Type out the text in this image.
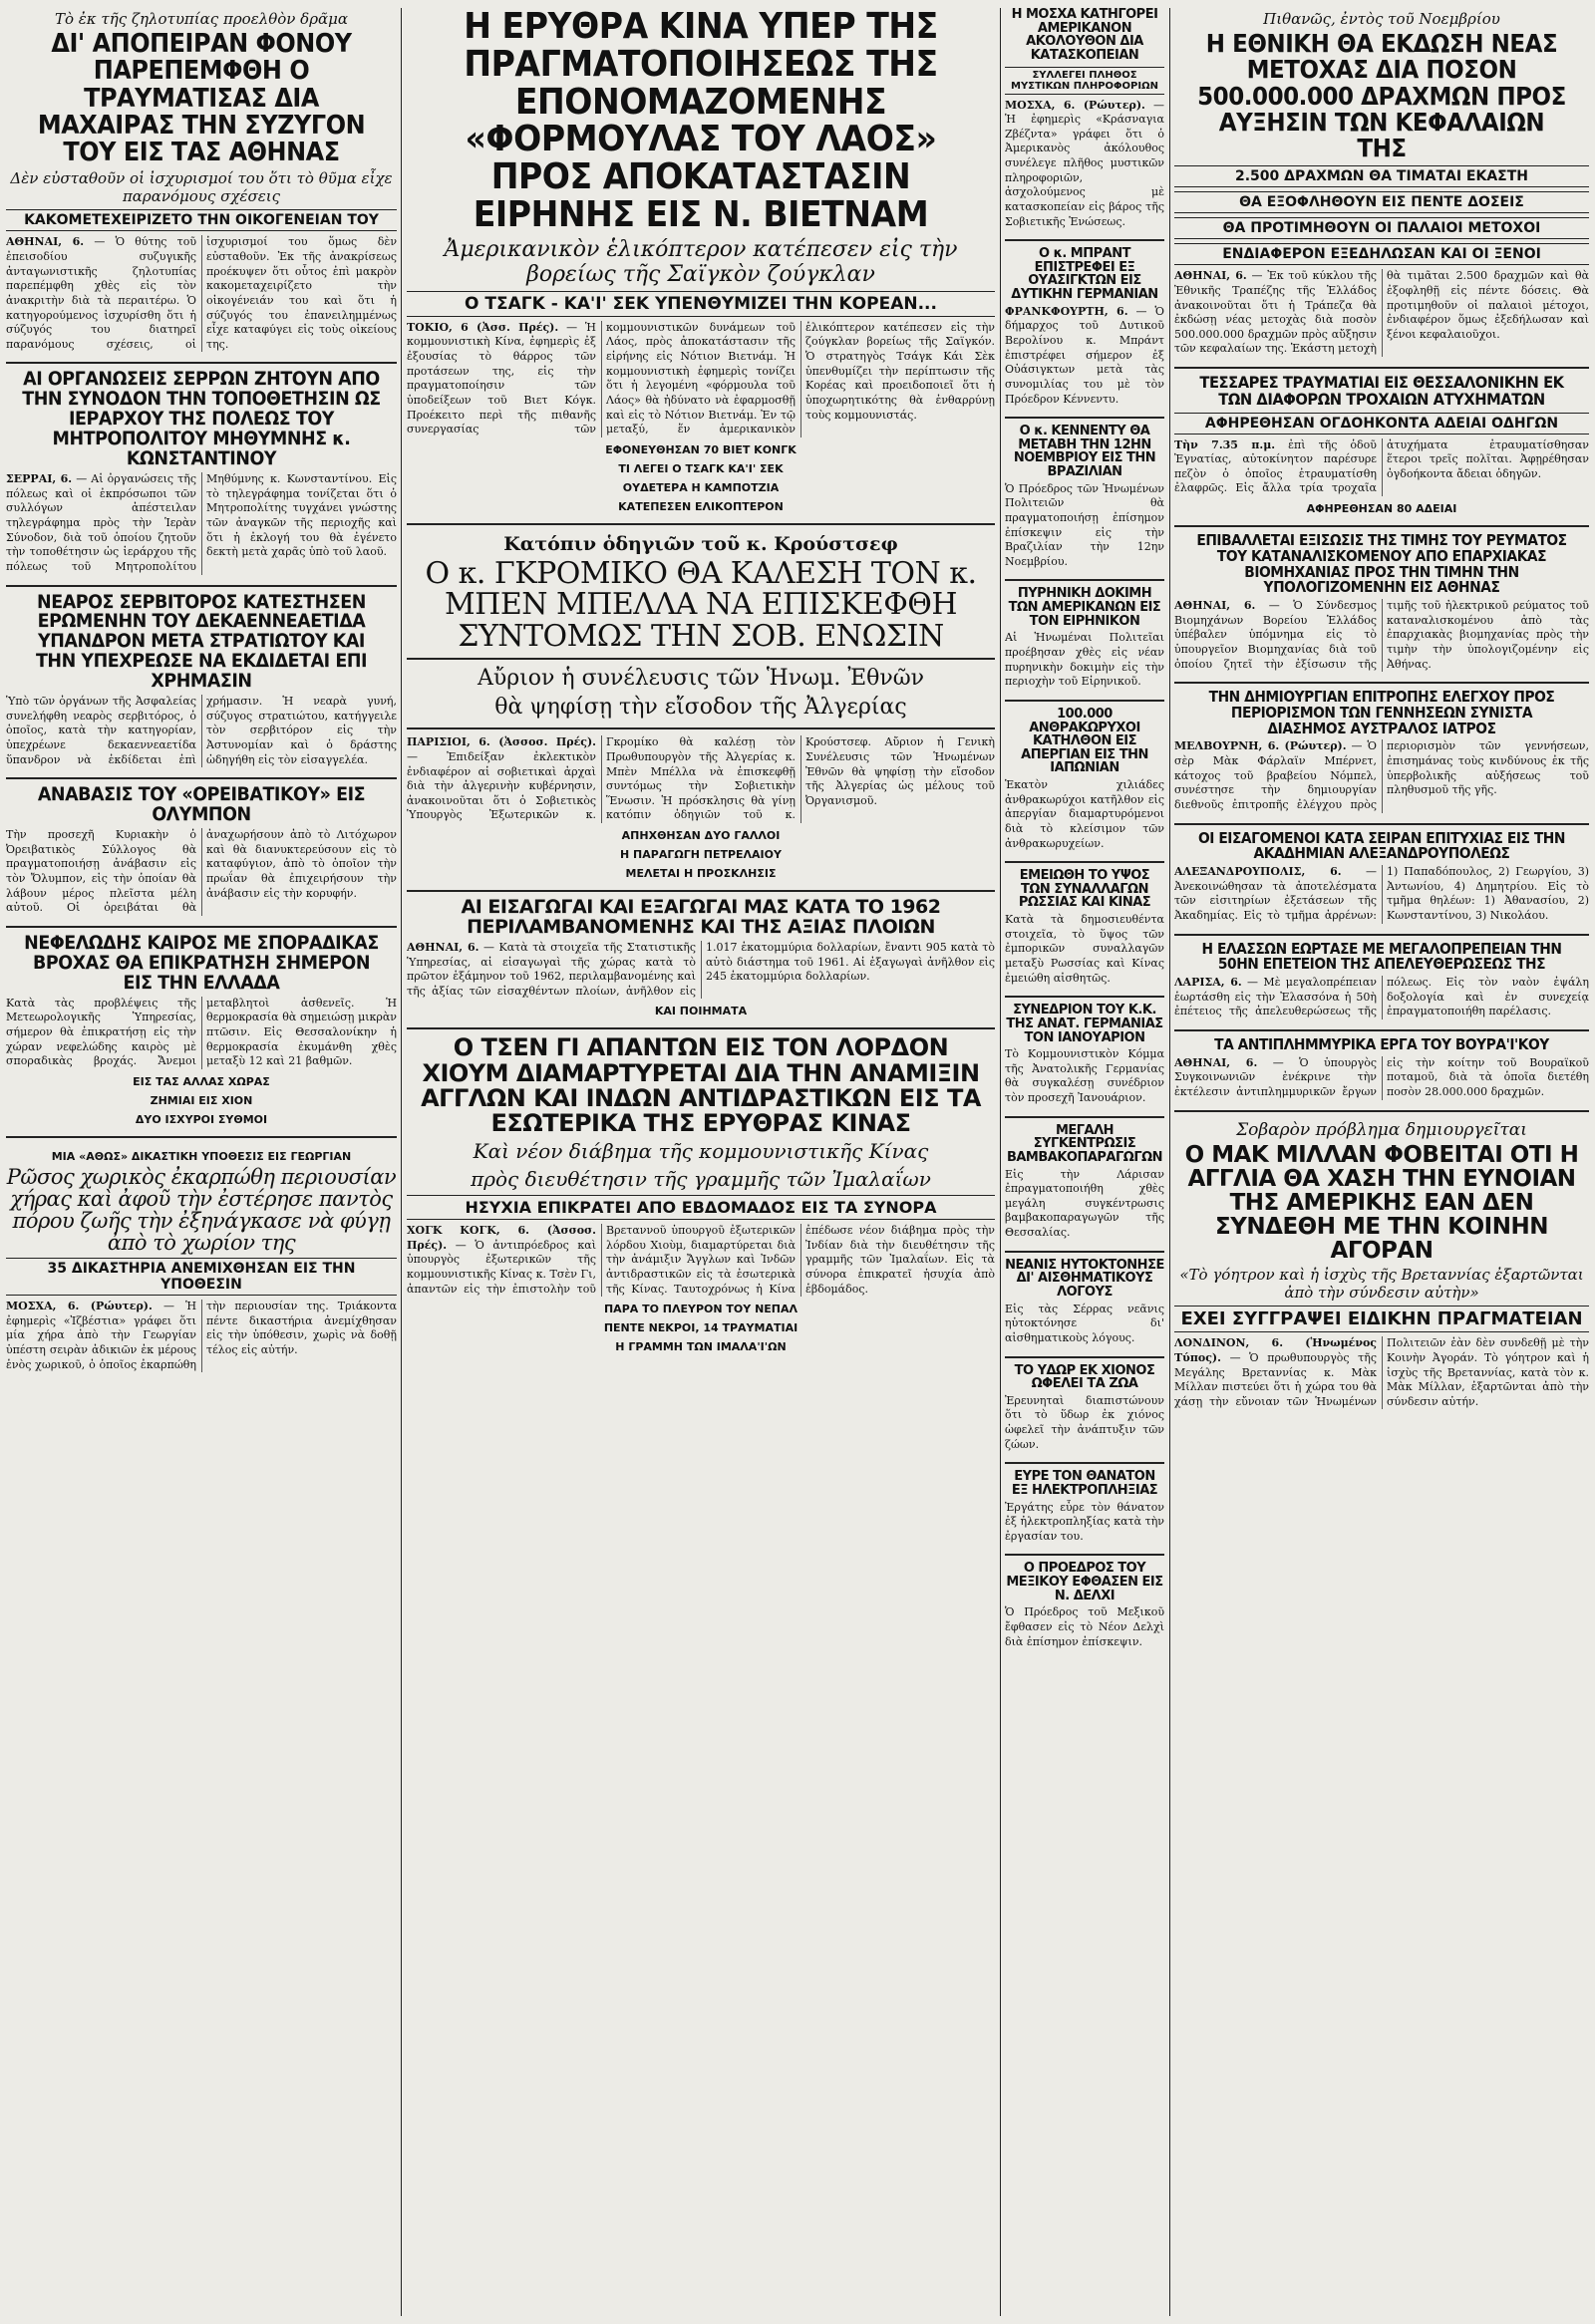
Τὸ ἐκ τῆς ζηλοτυπίας προελθὸν δρᾶμα
ΔΙ' ΑΠΟΠΕΙΡΑΝ ΦΟΝΟΥ ΠΑΡΕΠΕΜΦΘΗ Ο ΤΡΑΥΜΑΤΙΣΑΣ ΔΙΑ ΜΑΧΑΙΡΑΣ ΤΗΝ ΣΥΖΥΓΟΝ ΤΟΥ ΕΙΣ ΤΑΣ ΑΘΗΝΑΣ
Δὲν εὐσταθοῦν οἱ ἰσχυρισμοί του ὅτι τὸ θῦμα εἶχε παρανόμους σχέσεις
ΚΑΚΟΜΕΤΕΧΕΙΡΙΖΕΤΟ ΤΗΝ ΟΙΚΟΓΕΝΕΙΑΝ ΤΟΥ

ΑΘΗΝΑΙ, 6. — Ὁ θύτης τοῦ ἐπεισοδίου συζυγικῆς ἀνταγωνιστικῆς ζηλοτυπίας παρεπέμφθη χθὲς εἰς τὸν ἀνακριτὴν διὰ τὰ περαιτέρω. Ὁ κατηγορούμενος ἰσχυρίσθη ὅτι ἡ σύζυγός του διατηρεῖ παρανόμους σχέσεις, οἱ ἰσχυρισμοί του ὅμως δὲν εὐσταθοῦν. Ἐκ τῆς ἀνακρίσεως προέκυψεν ὅτι οὗτος ἐπὶ μακρὸν κακομεταχειρίζετο τὴν οἰκογένειάν του καὶ ὅτι ἡ σύζυγός του ἐπανειλημμένως εἶχε καταφύγει εἰς τοὺς οἰκείους της.

ΑΙ ΟΡΓΑΝΩΣΕΙΣ ΣΕΡΡΩΝ ΖΗΤΟΥΝ ΑΠΟ ΤΗΝ ΣΥΝΟΔΟΝ ΤΗΝ ΤΟΠΟΘΕΤΗΣΙΝ ΩΣ ΙΕΡΑΡΧΟΥ ΤΗΣ ΠΟΛΕΩΣ ΤΟΥ ΜΗΤΡΟΠΟΛΙΤΟΥ ΜΗΘΥΜΝΗΣ κ. ΚΩΝΣΤΑΝΤΙΝΟΥ

ΣΕΡΡΑΙ, 6. — Αἱ ὀργανώσεις τῆς πόλεως καὶ οἱ ἐκπρόσωποι τῶν συλλόγων ἀπέστειλαν τηλεγράφημα πρὸς τὴν Ἱερὰν Σύνοδον, διὰ τοῦ ὁποίου ζητοῦν τὴν τοποθέτησιν ὡς ἱεράρχου τῆς πόλεως τοῦ Μητροπολίτου Μηθύμνης κ. Κωνσταντίνου. Εἰς τὸ τηλεγράφημα τονίζεται ὅτι ὁ Μητροπολίτης τυγχάνει γνώστης τῶν ἀναγκῶν τῆς περιοχῆς καὶ ὅτι ἡ ἐκλογή του θὰ ἐγένετο δεκτὴ μετὰ χαρᾶς ὑπὸ τοῦ λαοῦ.

ΝΕΑΡΟΣ ΣΕΡΒΙΤΟΡΟΣ ΚΑΤΕΣΤΗΣΕΝ ΕΡΩΜΕΝΗΝ ΤΟΥ ΔΕΚΑΕΝΝΕΑΕΤΙΔΑ ΥΠΑΝΔΡΟΝ ΜΕΤΑ ΣΤΡΑΤΙΩΤΟΥ ΚΑΙ ΤΗΝ ΥΠΕΧΡΕΩΣΕ ΝΑ ΕΚΔΙΔΕΤΑΙ ΕΠΙ ΧΡΗΜΑΣΙΝ

Ὑπὸ τῶν ὀργάνων τῆς Ἀσφαλείας συνελήφθη νεαρὸς σερβιτόρος, ὁ ὁποῖος, κατὰ τὴν κατηγορίαν, ὑπεχρέωνε δεκαεννεαετίδα ὕπανδρον νὰ ἐκδίδεται ἐπὶ χρήμασιν. Ἡ νεαρὰ γυνή, σύζυγος στρατιώτου, κατήγγειλε τὸν σερβιτόρον εἰς τὴν Ἀστυνομίαν καὶ ὁ δράστης ὡδηγήθη εἰς τὸν εἰσαγγελέα.

ΑΝΑΒΑΣΙΣ ΤΟΥ «ΟΡΕΙΒΑΤΙΚΟΥ» ΕΙΣ ΟΛΥΜΠΟΝ

Τὴν προσεχῆ Κυριακὴν ὁ Ὀρειβατικὸς Σύλλογος θὰ πραγματοποιήσῃ ἀνάβασιν εἰς τὸν Ὄλυμπον, εἰς τὴν ὁποίαν θὰ λάβουν μέρος πλεῖστα μέλη αὐτοῦ. Οἱ ὀρειβάται θὰ ἀναχωρήσουν ἀπὸ τὸ Λιτόχωρον καὶ θὰ διανυκτερεύσουν εἰς τὸ καταφύγιον, ἀπὸ τὸ ὁποῖον τὴν πρωΐαν θὰ ἐπιχειρήσουν τὴν ἀνάβασιν εἰς τὴν κορυφήν.

ΝΕΦΕΛΩΔΗΣ ΚΑΙΡΟΣ ΜΕ ΣΠΟΡΑΔΙΚΑΣ ΒΡΟΧΑΣ ΘΑ ΕΠΙΚΡΑΤΗΣΗ ΣΗΜΕΡΟΝ ΕΙΣ ΤΗΝ ΕΛΛΑΔΑ

Κατὰ τὰς προβλέψεις τῆς Μετεωρολογικῆς Ὑπηρεσίας, σήμερον θὰ ἐπικρατήσῃ εἰς τὴν χώραν νεφελώδης καιρὸς μὲ σποραδικὰς βροχάς. Ἄνεμοι μεταβλητοὶ ἀσθενεῖς. Ἡ θερμοκρασία θὰ σημειώσῃ μικρὰν πτῶσιν. Εἰς Θεσσαλονίκην ἡ θερμοκρασία ἐκυμάνθη χθὲς μεταξὺ 12 καὶ 21 βαθμῶν.

ΕΙΣ ΤΑΣ ΑΛΛΑΣ ΧΩΡΑΣ
ΖΗΜΙΑΙ ΕΙΣ ΧΙΟΝ
ΔΥΟ ΙΣΧΥΡΟΙ ΣΥΘΜΟΙ
ΜΙΑ «ΑΘΩΣ» ΔΙΚΑΣΤΙΚΗ ΥΠΟΘΕΣΙΣ ΕΙΣ ΓΕΩΡΓΙΑΝ
Ρῶσος χωρικὸς ἐκαρπώθη περιουσίαν χήρας καὶ ἀφοῦ τὴν ἐστέρησε παντὸς πόρου ζωῆς τὴν ἐξηνάγκασε νὰ φύγῃ ἀπὸ τὸ χωρίον της
35 ΔΙΚΑΣΤΗΡΙΑ ΑΝΕΜΙΧΘΗΣΑΝ ΕΙΣ ΤΗΝ ΥΠΟΘΕΣΙΝ

ΜΟΣΧΑ, 6. (Ρώυτερ). — Ἡ ἐφημερὶς «Ἰζβέστια» γράφει ὅτι μία χήρα ἀπὸ τὴν Γεωργίαν ὑπέστη σειρὰν ἀδικιῶν ἐκ μέρους ἑνὸς χωρικοῦ, ὁ ὁποῖος ἐκαρπώθη τὴν περιουσίαν της. Τριάκοντα πέντε δικαστήρια ἀνεμίχθησαν εἰς τὴν ὑπόθεσιν, χωρὶς νὰ δοθῇ τέλος εἰς αὐτήν.

Η ΕΡΥΘΡΑ ΚΙΝΑ ΥΠΕΡ ΤΗΣ ΠΡΑΓΜΑΤΟΠΟΙΗΣΕΩΣ ΤΗΣ ΕΠΟΝΟΜΑΖΟΜΕΝΗΣ «ΦΟΡΜΟΥΛΑΣ ΤΟΥ ΛΑΟΣ» ΠΡΟΣ ΑΠΟΚΑΤΑΣΤΑΣΙΝ ΕΙΡΗΝΗΣ ΕΙΣ Ν. ΒΙΕΤΝΑΜ
Ἀμερικανικὸν ἑλικόπτερον κατέπεσεν εἰς τὴν βορείως τῆς Σαϊγκὸν ζούγκλαν
Ο ΤΣΑΓΚ - ΚΑ'Ι' ΣΕΚ ΥΠΕΝΘΥΜΙΖΕΙ ΤΗΝ ΚΟΡΕΑΝ...

ΤΟΚΙΟ, 6 (Ἀσσ. Πρές). — Ἡ κομμουνιστικὴ Κίνα, ἐφημερὶς ἐξ ἐξουσίας τὸ θάρρος τῶν προτάσεων της, εἰς τὴν πραγματοποίησιν τῶν ὑποδείξεων τοῦ Βιετ Κόγκ. Προέκειτο περὶ τῆς πιθανῆς συνεργασίας τῶν κομμουνιστικῶν δυνάμεων τοῦ Λάος, πρὸς ἀποκατάστασιν τῆς εἰρήνης εἰς Νότιον Βιετνάμ. Ἡ κομμουνιστικὴ ἐφημερὶς τονίζει ὅτι ἡ λεγομένη «φόρμουλα τοῦ Λάος» θὰ ἠδύνατο νὰ ἐφαρμοσθῇ καὶ εἰς τὸ Νότιον Βιετνάμ. Ἐν τῷ μεταξύ, ἕν ἀμερικανικὸν ἑλικόπτερον κατέπεσεν εἰς τὴν ζούγκλαν βορείως τῆς Σαϊγκόν. Ὁ στρατηγὸς Τσάγκ Κάι Σὲκ ὑπενθυμίζει τὴν περίπτωσιν τῆς Κορέας καὶ προειδοποιεῖ ὅτι ἡ ὑποχωρητικότης θὰ ἐνθαρρύνῃ τοὺς κομμουνιστάς.

ΕΦΟΝΕΥΘΗΣΑΝ 70 ΒΙΕΤ ΚΟΝΓΚ
ΤΙ ΛΕΓΕΙ Ο ΤΣΑΓΚ ΚΑ'Ι' ΣΕΚ
ΟΥΔΕΤΕΡΑ Η ΚΑΜΠΟΤΖΙΑ
ΚΑΤΕΠΕΣΕΝ ΕΛΙΚΟΠΤΕΡΟΝ
Κατόπιν ὁδηγιῶν τοῦ κ. Κρούστσεφ
Ο κ. ΓΚΡΟΜΙΚΟ ΘΑ ΚΑΛΕΣΗ ΤΟΝ κ. ΜΠΕΝ ΜΠΕΛΛΑ ΝΑ ΕΠΙΣΚΕΦΘΗ ΣΥΝΤΟΜΩΣ ΤΗΝ ΣΟΒ. ΕΝΩΣΙΝ
Αὔριον ἡ συνέλευσις τῶν Ἡνωμ. Ἐθνῶν
θὰ ψηφίσῃ τὴν εἴσοδον τῆς Ἀλγερίας

ΠΑΡΙΣΙΟΙ, 6. (Ἀσσοσ. Πρές). — Ἐπιδείξαν ἐκλεκτικὸν ἐνδιαφέρον αἱ σοβιετικαὶ ἀρχαὶ διὰ τὴν ἀλγερινὴν κυβέρνησιν, ἀνακοινοῦται ὅτι ὁ Σοβιετικὸς Ὑπουργὸς Ἐξωτερικῶν κ. Γκρομίκο θὰ καλέσῃ τὸν Πρωθυπουργὸν τῆς Ἀλγερίας κ. Μπὲν Μπέλλα νὰ ἐπισκεφθῇ συντόμως τὴν Σοβιετικὴν Ἕνωσιν. Ἡ πρόσκλησις θὰ γίνῃ κατόπιν ὁδηγιῶν τοῦ κ. Κρούστσεφ. Αὔριον ἡ Γενικὴ Συνέλευσις τῶν Ἡνωμένων Ἐθνῶν θὰ ψηφίσῃ τὴν εἴσοδον τῆς Ἀλγερίας ὡς μέλους τοῦ Ὀργανισμοῦ.

ΑΠΗΧΘΗΣΑΝ ΔΥΟ ΓΑΛΛΟΙ
Η ΠΑΡΑΓΩΓΗ ΠΕΤΡΕΛΑΙΟΥ
ΜΕΛΕΤΑΙ Η ΠΡΟΣΚΛΗΣΙΣ
ΑΙ ΕΙΣΑΓΩΓΑΙ ΚΑΙ ΕΞΑΓΩΓΑΙ ΜΑΣ ΚΑΤΑ ΤΟ 1962 ΠΕΡΙΛΑΜΒΑΝΟΜΕΝΗΣ ΚΑΙ ΤΗΣ ΑΞΙΑΣ ΠΛΟΙΩΝ

ΑΘΗΝΑΙ, 6. — Κατὰ τὰ στοιχεῖα τῆς Στατιστικῆς Ὑπηρεσίας, αἱ εἰσαγωγαὶ τῆς χώρας κατὰ τὸ πρῶτον ἑξάμηνον τοῦ 1962, περιλαμβανομένης καὶ τῆς ἀξίας τῶν εἰσαχθέντων πλοίων, ἀνῆλθον εἰς 1.017 ἑκατομμύρια δολλαρίων, ἔναντι 905 κατὰ τὸ αὐτὸ διάστημα τοῦ 1961. Αἱ ἐξαγωγαὶ ἀνῆλθον εἰς 245 ἑκατομμύρια δολλαρίων.

ΚΑΙ ΠΟΙΗΜΑΤΑ
Ο ΤΣΕΝ ΓΙ ΑΠΑΝΤΩΝ ΕΙΣ ΤΟΝ ΛΟΡΔΟΝ ΧΙΟΥΜ ΔΙΑΜΑΡΤΥΡΕΤΑΙ ΔΙΑ ΤΗΝ ΑΝΑΜΙΞΙΝ ΑΓΓΛΩΝ ΚΑΙ ΙΝΔΩΝ ΑΝΤΙΔΡΑΣΤΙΚΩΝ ΕΙΣ ΤΑ ΕΣΩΤΕΡΙΚΑ ΤΗΣ ΕΡΥΘΡΑΣ ΚΙΝΑΣ
Καὶ νέον διάβημα τῆς κομμουνιστικῆς Κίνας
πρὸς διευθέτησιν τῆς γραμμῆς τῶν Ἰμαλαΐων
ΗΣΥΧΙΑ ΕΠΙΚΡΑΤΕΙ ΑΠΟ ΕΒΔΟΜΑΔΟΣ ΕΙΣ ΤΑ ΣΥΝΟΡΑ

ΧΟΓΚ ΚΟΓΚ, 6. (Ἀσσοσ. Πρές). — Ὁ ἀντιπρόεδρος καὶ ὑπουργὸς ἐξωτερικῶν τῆς κομμουνιστικῆς Κίνας κ. Τσὲν Γι, ἀπαντῶν εἰς τὴν ἐπιστολὴν τοῦ Βρεταννοῦ ὑπουργοῦ ἐξωτερικῶν λόρδου Χιοὺμ, διαμαρτύρεται διὰ τὴν ἀνάμιξιν Ἄγγλων καὶ Ἰνδῶν ἀντιδραστικῶν εἰς τὰ ἐσωτερικὰ τῆς Κίνας. Ταυτοχρόνως ἡ Κίνα ἐπέδωσε νέον διάβημα πρὸς τὴν Ἰνδίαν διὰ τὴν διευθέτησιν τῆς γραμμῆς τῶν Ἰμαλαΐων. Εἰς τὰ σύνορα ἐπικρατεῖ ἡσυχία ἀπὸ ἑβδομάδος.

ΠΑΡΑ ΤΟ ΠΛΕΥΡΟΝ ΤΟΥ ΝΕΠΑΛ
ΠΕΝΤΕ ΝΕΚΡΟΙ, 14 ΤΡΑΥΜΑΤΙΑΙ
Η ΓΡΑΜΜΗ ΤΩΝ ΙΜΑΛΑ'Ι'ΩΝ
Η ΜΟΣΧΑ ΚΑΤΗΓΟΡΕΙ ΑΜΕΡΙΚΑΝΟΝ ΑΚΟΛΟΥΘΟΝ ΔΙΑ ΚΑΤΑΣΚΟΠΕΙΑΝ
ΣΥΛΛΕΓΕΙ ΠΛΗΘΟΣ ΜΥΣΤΙΚΩΝ ΠΛΗΡΟΦΟΡΙΩΝ

ΜΟΣΧΑ, 6. (Ρώυτερ). — Ἡ ἐφημερὶς «Κράσναγια Ζβέζντα» γράφει ὅτι ὁ Ἀμερικανὸς ἀκόλουθος συνέλεγε πλῆθος μυστικῶν πληροφοριῶν, ἀσχολούμενος μὲ κατασκοπείαν εἰς βάρος τῆς Σοβιετικῆς Ἑνώσεως.

Ο κ. ΜΠΡΑΝΤ ΕΠΙΣΤΡΕΦΕΙ ΕΞ ΟΥΑΣΙΓΚΤΩΝ ΕΙΣ ΔΥΤΙΚΗΝ ΓΕΡΜΑΝΙΑΝ

ΦΡΑΝΚΦΟΥΡΤΗ, 6. — Ὁ δήμαρχος τοῦ Δυτικοῦ Βερολίνου κ. Μπράντ ἐπιστρέφει σήμερον ἐξ Οὐάσιγκτων μετὰ τὰς συνομιλίας του μὲ τὸν Πρόεδρον Κέννεντυ.

Ο κ. ΚΕΝΝΕΝΤΥ ΘΑ ΜΕΤΑΒΗ ΤΗΝ 12ΗΝ ΝΟΕΜΒΡΙΟΥ ΕΙΣ ΤΗΝ ΒΡΑΖΙΛΙΑΝ

Ὁ Πρόεδρος τῶν Ἡνωμένων Πολιτειῶν θὰ πραγματοποιήσῃ ἐπίσημον ἐπίσκεψιν εἰς τὴν Βραζιλίαν τὴν 12ην Νοεμβρίου.

ΠΥΡΗΝΙΚΗ ΔΟΚΙΜΗ ΤΩΝ ΑΜΕΡΙΚΑΝΩΝ ΕΙΣ ΤΟΝ ΕΙΡΗΝΙΚΟΝ

Αἱ Ἡνωμέναι Πολιτεῖαι προέβησαν χθὲς εἰς νέαν πυρηνικὴν δοκιμὴν εἰς τὴν περιοχὴν τοῦ Εἰρηνικοῦ.

100.000 ΑΝΘΡΑΚΩΡΥΧΟΙ ΚΑΤΗΛΘΟΝ ΕΙΣ ΑΠΕΡΓΙΑΝ ΕΙΣ ΤΗΝ ΙΑΠΩΝΙΑΝ

Ἑκατὸν χιλιάδες ἀνθρακωρύχοι κατῆλθον εἰς ἀπεργίαν διαμαρτυρόμενοι διὰ τὸ κλείσιμον τῶν ἀνθρακωρυχείων.

ΕΜΕΙΩΘΗ ΤΟ ΥΨΟΣ ΤΩΝ ΣΥΝΑΛΛΑΓΩΝ ΡΩΣΣΙΑΣ ΚΑΙ ΚΙΝΑΣ

Κατὰ τὰ δημοσιευθέντα στοιχεῖα, τὸ ὕψος τῶν ἐμπορικῶν συναλλαγῶν μεταξὺ Ρωσσίας καὶ Κίνας ἐμειώθη αἰσθητῶς.

ΣΥΝΕΔΡΙΟΝ ΤΟΥ Κ.Κ. ΤΗΣ ΑΝΑΤ. ΓΕΡΜΑΝΙΑΣ ΤΟΝ ΙΑΝΟΥΑΡΙΟΝ

Τὸ Κομμουνιστικὸν Κόμμα τῆς Ἀνατολικῆς Γερμανίας θὰ συγκαλέσῃ συνέδριον τὸν προσεχῆ Ἰανουάριον.

ΜΕΓΑΛΗ ΣΥΓΚΕΝΤΡΩΣΙΣ ΒΑΜΒΑΚΟΠΑΡΑΓΩΓΩΝ

Εἰς τὴν Λάρισαν ἐπραγματοποιήθη χθὲς μεγάλη συγκέντρωσις βαμβακοπαραγωγῶν τῆς Θεσσαλίας.

ΝΕΑΝΙΣ ΗΥΤΟΚΤΟΝΗΣΕ ΔΙ' ΑΙΣΘΗΜΑΤΙΚΟΥΣ ΛΟΓΟΥΣ

Εἰς τὰς Σέρρας νεᾶνις ηὐτοκτόνησε δι' αἰσθηματικοὺς λόγους.

ΤΟ ΥΔΩΡ ΕΚ ΧΙΟΝΟΣ ΩΦΕΛΕΙ ΤΑ ΖΩΑ

Ἐρευνηταὶ διαπιστώνουν ὅτι τὸ ὕδωρ ἐκ χιόνος ὠφελεῖ τὴν ἀνάπτυξιν τῶν ζώων.

ΕΥΡΕ ΤΟΝ ΘΑΝΑΤΟΝ ΕΞ ΗΛΕΚΤΡΟΠΛΗΞΙΑΣ

Ἐργάτης εὗρε τὸν θάνατον ἐξ ἠλεκτροπληξίας κατὰ τὴν ἐργασίαν του.

Ο ΠΡΟΕΔΡΟΣ ΤΟΥ ΜΕΞΙΚΟΥ ΕΦΘΑΣΕΝ ΕΙΣ Ν. ΔΕΛΧΙ

Ὁ Πρόεδρος τοῦ Μεξικοῦ ἔφθασεν εἰς τὸ Νέον Δελχὶ διὰ ἐπίσημον ἐπίσκεψιν.

Πιθανῶς, ἐντὸς τοῦ Νοεμβρίου
Η ΕΘΝΙΚΗ ΘΑ ΕΚΔΩΣΗ ΝΕΑΣ ΜΕΤΟΧΑΣ ΔΙΑ ΠΟΣΟΝ 500.000.000 ΔΡΑΧΜΩΝ ΠΡΟΣ ΑΥΞΗΣΙΝ ΤΩΝ ΚΕΦΑΛΑΙΩΝ ΤΗΣ
2.500 ΔΡΑΧΜΩΝ ΘΑ ΤΙΜΑΤΑΙ ΕΚΑΣΤΗ
ΘΑ ΕΞΟΦΛΗΘΟΥΝ ΕΙΣ ΠΕΝΤΕ ΔΟΣΕΙΣ
ΘΑ ΠΡΟΤΙΜΗΘΟΥΝ ΟΙ ΠΑΛΑΙΟΙ ΜΕΤΟΧΟΙ
ΕΝΔΙΑΦΕΡΟΝ ΕΞΕΔΗΛΩΣΑΝ ΚΑΙ ΟΙ ΞΕΝΟΙ

ΑΘΗΝΑΙ, 6. — Ἐκ τοῦ κύκλου τῆς Ἐθνικῆς Τραπέζης τῆς Ἑλλάδος ἀνακοινοῦται ὅτι ἡ Τράπεζα θὰ ἐκδώσῃ νέας μετοχὰς διὰ ποσὸν 500.000.000 δραχμῶν πρὸς αὔξησιν τῶν κεφαλαίων της. Ἑκάστη μετοχὴ θὰ τιμᾶται 2.500 δραχμῶν καὶ θὰ ἐξοφληθῇ εἰς πέντε δόσεις. Θὰ προτιμηθοῦν οἱ παλαιοὶ μέτοχοι, ἐνδιαφέρον ὅμως ἐξεδήλωσαν καὶ ξένοι κεφαλαιοῦχοι.

ΤΕΣΣΑΡΕΣ ΤΡΑΥΜΑΤΙΑΙ ΕΙΣ ΘΕΣΣΑΛΟΝΙΚΗΝ ΕΚ ΤΩΝ ΔΙΑΦΟΡΩΝ ΤΡΟΧΑΙΩΝ ΑΤΥΧΗΜΑΤΩΝ
ΑΦΗΡΕΘΗΣΑΝ ΟΓΔΟΗΚΟΝΤΑ ΑΔΕΙΑΙ ΟΔΗΓΩΝ

Τὴν 7.35 π.μ. ἐπὶ τῆς ὁδοῦ Ἐγνατίας, αὐτοκίνητον παρέσυρε πεζὸν ὁ ὁποῖος ἐτραυματίσθη ἐλαφρῶς. Εἰς ἄλλα τρία τροχαῖα ἀτυχήματα ἐτραυματίσθησαν ἕτεροι τρεῖς πολῖται. Ἀφῃρέθησαν ὀγδοήκοντα ἄδειαι ὁδηγῶν.

ΑΦΗΡΕΘΗΣΑΝ 80 ΑΔΕΙΑΙ
ΕΠΙΒΑΛΛΕΤΑΙ ΕΞΙΣΩΣΙΣ ΤΗΣ ΤΙΜΗΣ ΤΟΥ ΡΕΥΜΑΤΟΣ ΤΟΥ ΚΑΤΑΝΑΛΙΣΚΟΜΕΝΟΥ ΑΠΟ ΕΠΑΡΧΙΑΚΑΣ ΒΙΟΜΗΧΑΝΙΑΣ ΠΡΟΣ ΤΗΝ ΤΙΜΗΝ ΤΗΝ ΥΠΟΛΟΓΙΖΟΜΕΝΗΝ ΕΙΣ ΑΘΗΝΑΣ

ΑΘΗΝΑΙ, 6. — Ὁ Σύνδεσμος Βιομηχάνων Βορείου Ἑλλάδος ὑπέβαλεν ὑπόμνημα εἰς τὸ ὑπουργεῖον Βιομηχανίας διὰ τοῦ ὁποίου ζητεῖ τὴν ἐξίσωσιν τῆς τιμῆς τοῦ ἠλεκτρικοῦ ρεύματος τοῦ καταναλισκομένου ἀπὸ τὰς ἐπαρχιακὰς βιομηχανίας πρὸς τὴν τιμὴν τὴν ὑπολογιζομένην εἰς Ἀθήνας.

ΤΗΝ ΔΗΜΙΟΥΡΓΙΑΝ ΕΠΙΤΡΟΠΗΣ ΕΛΕΓΧΟΥ ΠΡΟΣ ΠΕΡΙΟΡΙΣΜΟΝ ΤΩΝ ΓΕΝΝΗΣΕΩΝ ΣΥΝΙΣΤΑ ΔΙΑΣΗΜΟΣ ΑΥΣΤΡΑΛΟΣ ΙΑΤΡΟΣ

ΜΕΛΒΟΥΡΝΗ, 6. (Ρώυτερ). — Ὁ σὲρ Μὰκ Φάρλαϊν Μπέρνετ, κάτοχος τοῦ βραβείου Νόμπελ, συνέστησε τὴν δημιουργίαν διεθνοῦς ἐπιτροπῆς ἐλέγχου πρὸς περιορισμὸν τῶν γεννήσεων, ἐπισημάνας τοὺς κινδύνους ἐκ τῆς ὑπερβολικῆς αὐξήσεως τοῦ πληθυσμοῦ τῆς γῆς.

ΟΙ ΕΙΣΑΓΟΜΕΝΟΙ ΚΑΤΑ ΣΕΙΡΑΝ ΕΠΙΤΥΧΙΑΣ ΕΙΣ ΤΗΝ ΑΚΑΔΗΜΙΑΝ ΑΛΕΞΑΝΔΡΟΥΠΟΛΕΩΣ

ΑΛΕΞΑΝΔΡΟΥΠΟΛΙΣ, 6. — Ἀνεκοινώθησαν τὰ ἀποτελέσματα τῶν εἰσιτηρίων ἐξετάσεων τῆς Ἀκαδημίας. Εἰς τὸ τμῆμα ἀρρένων: 1) Παπαδόπουλος, 2) Γεωργίου, 3) Ἀντωνίου, 4) Δημητρίου. Εἰς τὸ τμῆμα θηλέων: 1) Ἀθανασίου, 2) Κωνσταντίνου, 3) Νικολάου.

Η ΕΛΑΣΣΩΝ ΕΩΡΤΑΣΕ ΜΕ ΜΕΓΑΛΟΠΡΕΠΕΙΑΝ ΤΗΝ 50ΗΝ ΕΠΕΤΕΙΟΝ ΤΗΣ ΑΠΕΛΕΥΘΕΡΩΣΕΩΣ ΤΗΣ

ΛΑΡΙΣΑ, 6. — Μὲ μεγαλοπρέπειαν ἑωρτάσθη εἰς τὴν Ἐλασσόνα ἡ 50ὴ ἐπέτειος τῆς ἀπελευθερώσεως τῆς πόλεως. Εἰς τὸν ναὸν ἐψάλη δοξολογία καὶ ἐν συνεχείᾳ ἐπραγματοποιήθη παρέλασις.

ΤΑ ΑΝΤΙΠΛΗΜΜΥΡΙΚΑ ΕΡΓΑ ΤΟΥ ΒΟΥΡΑ'Ι'ΚΟΥ

ΑΘΗΝΑΙ, 6. — Ὁ ὑπουργὸς Συγκοινωνιῶν ἐνέκρινε τὴν ἐκτέλεσιν ἀντιπλημμυρικῶν ἔργων εἰς τὴν κοίτην τοῦ Βουραϊκοῦ ποταμοῦ, διὰ τὰ ὁποῖα διετέθη ποσὸν 28.000.000 δραχμῶν.

Σοβαρὸν πρόβλημα δημιουργεῖται
Ο ΜΑΚ ΜΙΛΛΑΝ ΦΟΒΕΙΤΑΙ ΟΤΙ Η ΑΓΓΛΙΑ ΘΑ ΧΑΣΗ ΤΗΝ ΕΥΝΟΙΑΝ ΤΗΣ ΑΜΕΡΙΚΗΣ ΕΑΝ ΔΕΝ ΣΥΝΔΕΘΗ ΜΕ ΤΗΝ ΚΟΙΝΗΝ ΑΓΟΡΑΝ
«Τὸ γόητρον καὶ ἡ ἰσχὺς τῆς Βρεταννίας ἐξαρτῶνται ἀπὸ τὴν σύνδεσιν αὐτὴν»
ΕΧΕΙ ΣΥΓΓΡΑΨΕΙ ΕΙΔΙΚΗΝ ΠΡΑΓΜΑΤΕΙΑΝ

ΛΟΝΔΙΝΟΝ, 6. (Ἡνωμένος Τύπος). — Ὁ πρωθυπουργὸς τῆς Μεγάλης Βρεταννίας κ. Μὰκ Μίλλαν πιστεύει ὅτι ἡ χώρα του θὰ χάσῃ τὴν εὔνοιαν τῶν Ἡνωμένων Πολιτειῶν ἐὰν δὲν συνδεθῇ μὲ τὴν Κοινὴν Ἀγοράν. Τὸ γόητρον καὶ ἡ ἰσχὺς τῆς Βρεταννίας, κατὰ τὸν κ. Μὰκ Μίλλαν, ἐξαρτῶνται ἀπὸ τὴν σύνδεσιν αὐτήν.
